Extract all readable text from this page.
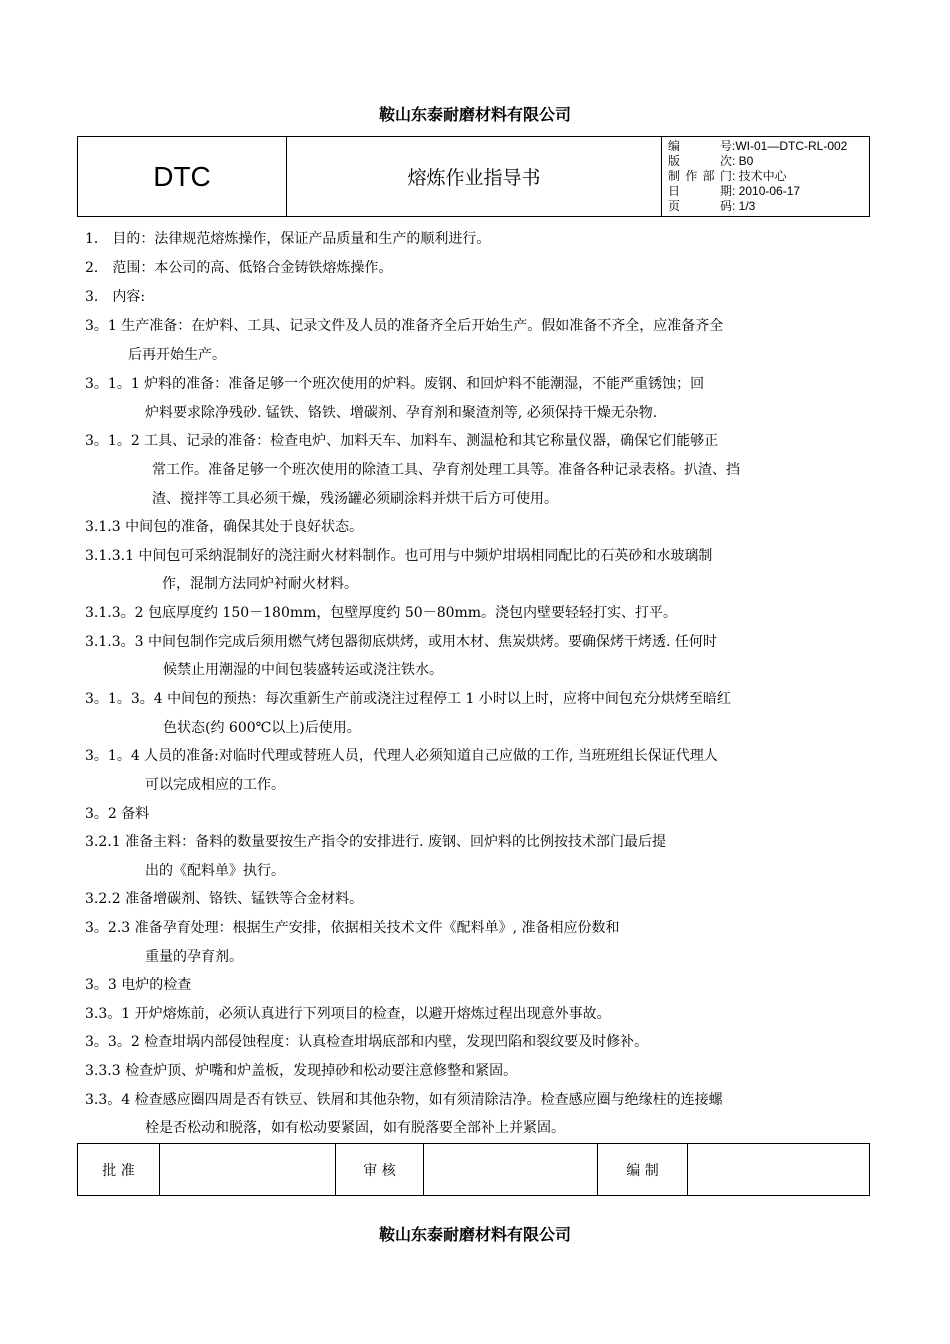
鞍山东泰耐磨材料有限公司
DTC	熔炼作业指导书	
编 号:WI-01—DTC-RL-002
版 次: B0
制作部门: 技术中心
日 期: 2010-06-17
页 码: 1/3
1． 目的：法律规范熔炼操作，保证产品质量和生产的顺利进行。
2． 范围：本公司的高、低铬合金铸铁熔炼操作。
3． 内容:
3。1 生产准备：在炉料、工具、记录文件及人员的准备齐全后开始生产。假如准备不齐全，应准备齐全
后再开始生产。
3。1。1 炉料的准备：准备足够一个班次使用的炉料。废钢、和回炉料不能潮湿，不能严重锈蚀；回
炉料要求除净残砂. 锰铁、铬铁、增碳剂、孕育剂和聚渣剂等, 必须保持干燥无杂物.
3。1。2 工具、记录的准备：检查电炉、加料天车、加料车、测温枪和其它称量仪器，确保它们能够正
常工作。准备足够一个班次使用的除渣工具、孕育剂处理工具等。准备各种记录表格。扒渣、挡
渣、搅拌等工具必须干燥，残汤罐必须刷涂料并烘干后方可使用。
3.1.3 中间包的准备，确保其处于良好状态。
3.1.3.1 中间包可采纳混制好的浇注耐火材料制作。也可用与中频炉坩埚相同配比的石英砂和水玻璃制
作，混制方法同炉衬耐火材料。
3.1.3。2 包底厚度约 150－180mm，包壁厚度约 50－80mm。浇包内壁要轻轻打实、打平。
3.1.3。3 中间包制作完成后须用燃气烤包器彻底烘烤，或用木材、焦炭烘烤。要确保烤干烤透. 任何时
候禁止用潮湿的中间包装盛转运或浇注铁水。
3。1。3。4 中间包的预热：每次重新生产前或浇注过程停工 1 小时以上时，应将中间包充分烘烤至暗红
色状态(约 600℃以上)后使用。
3。1。4 人员的准备:对临时代理或替班人员，代理人必须知道自己应做的工作, 当班班组长保证代理人
可以完成相应的工作。
3。2 备料
3.2.1 准备主料：备料的数量要按生产指令的安排进行. 废钢、回炉料的比例按技术部门最后提
出的《配料单》执行。
3.2.2 准备增碳剂、铬铁、锰铁等合金材料。
3。2.3 准备孕育处理：根据生产安排，依据相关技术文件《配料单》, 准备相应份数和
重量的孕育剂。
3。3 电炉的检查
3.3。1 开炉熔炼前，必须认真进行下列项目的检查，以避开熔炼过程出现意外事故。
3。3。2 检查坩埚内部侵蚀程度：认真检查坩埚底部和内壁，发现凹陷和裂纹要及时修补。
3.3.3 检查炉顶、炉嘴和炉盖板，发现掉砂和松动要注意修整和紧固。
3.3。4 检查感应圈四周是否有铁豆、铁屑和其他杂物，如有须清除洁净。检查感应圈与绝缘柱的连接螺
栓是否松动和脱落，如有松动要紧固，如有脱落要全部补上并紧固。
批 准		审 核		编 制	
鞍山东泰耐磨材料有限公司
